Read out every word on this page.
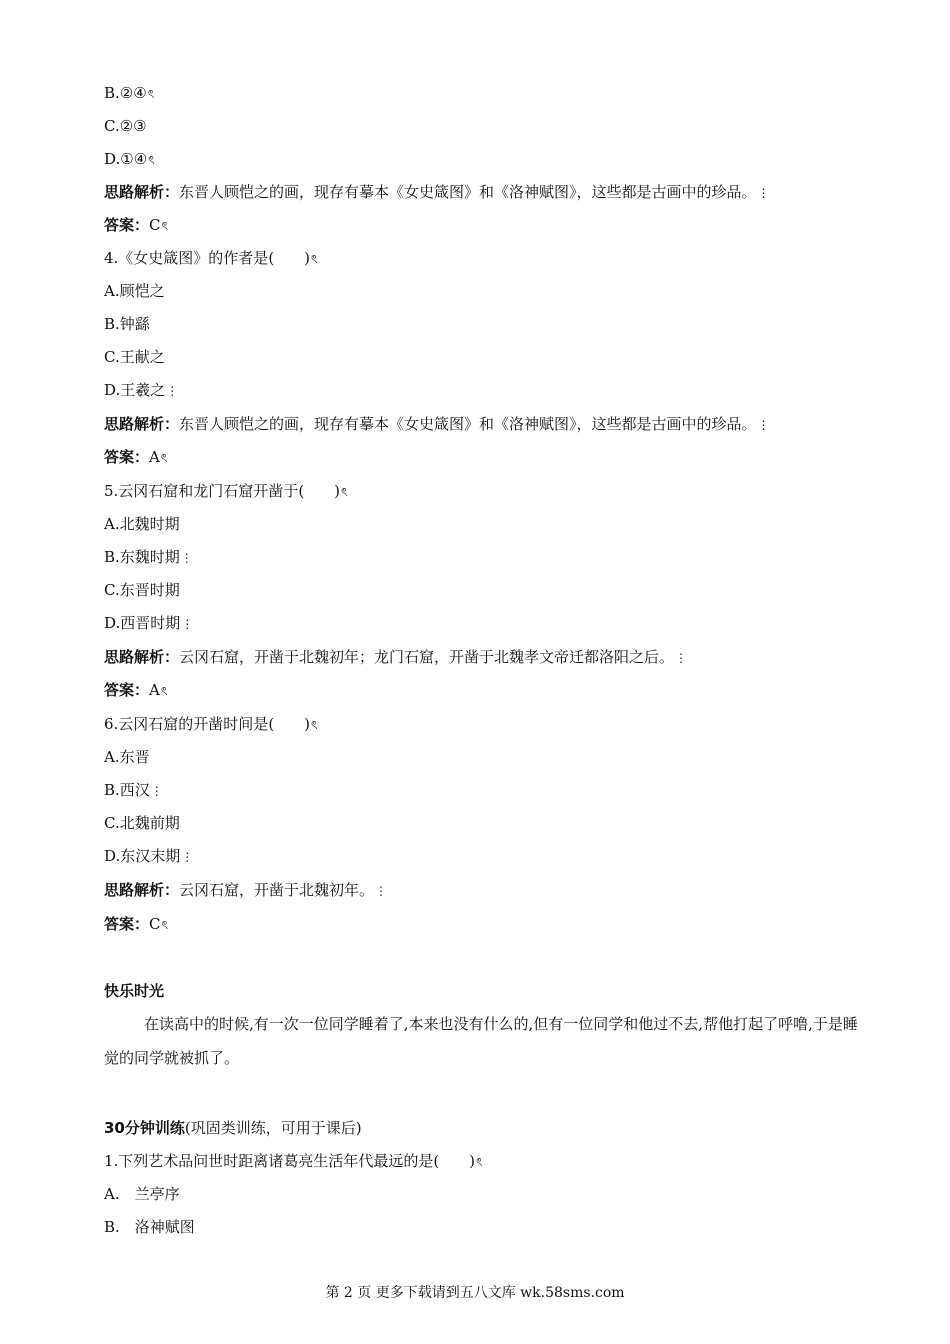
B.②④ৎ
C.②③
D.①④ৎ
思路解析：东晋人顾恺之的画，现存有摹本《女史箴图》和《洛神赋图》，这些都是古画中的珍品。⋮
答案：Cৎ
4.《女史箴图》的作者是(　　)ৎ
A.顾恺之
B.钟繇
C.王献之
D.王羲之⋮
思路解析：东晋人顾恺之的画，现存有摹本《女史箴图》和《洛神赋图》，这些都是古画中的珍品。⋮
答案：Aৎ
5.云冈石窟和龙门石窟开凿于(　　)ৎ
A.北魏时期
B.东魏时期⋮
C.东晋时期
D.西晋时期⋮
思路解析：云冈石窟，开凿于北魏初年；龙门石窟，开凿于北魏孝文帝迁都洛阳之后。⋮
答案：Aৎ
6.云冈石窟的开凿时间是(　　)ৎ
A.东晋
B.西汉⋮
C.北魏前期
D.东汉末期⋮
思路解析：云冈石窟，开凿于北魏初年。⋮
答案：Cৎ
快乐时光
在读高中的时候,有一次一位同学睡着了,本来也没有什么的,但有一位同学和他过不去,帮他打起了呼噜,于是睡觉的同学就被抓了。
30分钟训练(巩固类训练，可用于课后)
1.下列艺术品问世时距离诸葛亮生活年代最远的是(　　)ৎ
A.　兰亭序
B.　洛神赋图
第 2 页 更多下载请到五八文库 wk.58sms.com
